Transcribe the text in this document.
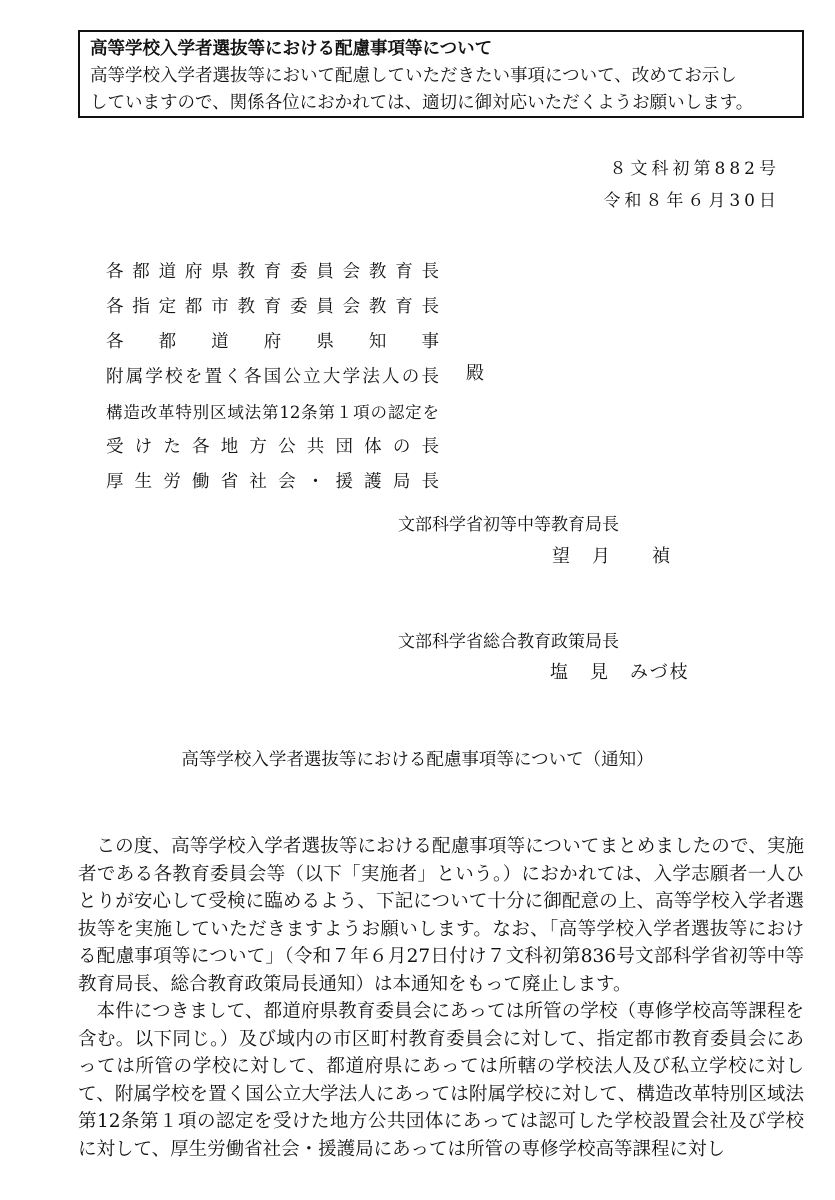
高等学校入学者選抜等における配慮事項等について
高等学校入学者選抜等において配慮していただきたい事項について、改めてお示し
していますので、関係各位におかれては、適切に御対応いただくようお願いします。
８文科初第882号
令和８年６月30日
各都道府県教育委員会教育長
各指定都市教育委員会教育長
各都道府県知事
附属学校を置く各国公立大学法人の長
構造改革特別区域法第12条第１項の認定を
受けた各地方公共団体の長
厚生労働省社会・援護局長
殿
文部科学省初等中等教育局長
望　月　　禎
文部科学省総合教育政策局長
塩　見　みづ枝
高等学校入学者選抜等における配慮事項等について（通知）

この度、高等学校入学者選抜等における配慮事項等についてまとめましたので、実施者である各教育委員会等（以下「実施者」という。）におかれては、入学志願者一人ひとりが安心して受検に臨めるよう、下記について十分に御配意の上、高等学校入学者選抜等を実施していただきますようお願いします。なお、「高等学校入学者選抜等における配慮事項等について」（令和７年６月27日付け７文科初第836号文部科学省初等中等教育局長、総合教育政策局長通知）は本通知をもって廃止します。

本件につきまして、都道府県教育委員会にあっては所管の学校（専修学校高等課程を含む。以下同じ。）及び域内の市区町村教育委員会に対して、指定都市教育委員会にあっては所管の学校に対して、都道府県にあっては所轄の学校法人及び私立学校に対して、附属学校を置く国公立大学法人にあっては附属学校に対して、構造改革特別区域法第12条第１項の認定を受けた地方公共団体にあっては認可した学校設置会社及び学校に対して、厚生労働省社会・援護局にあっては所管の専修学校高等課程に対し
